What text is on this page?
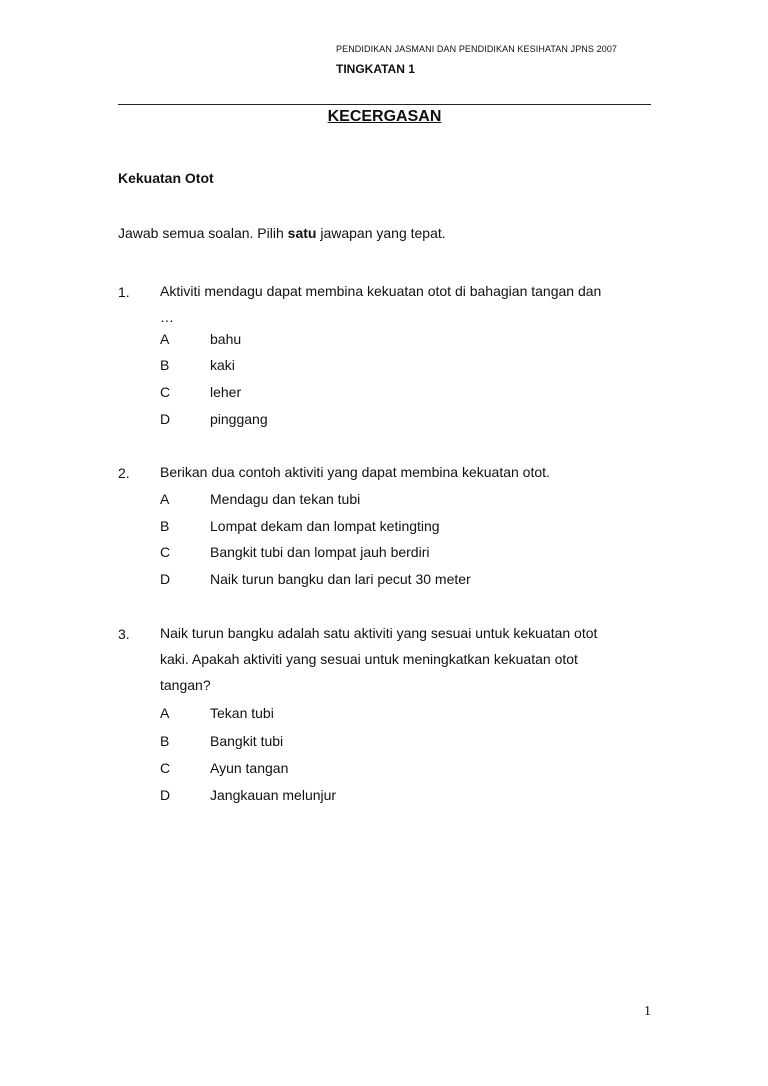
PENDIDIKAN JASMANI DAN PENDIDIKAN KESIHATAN JPNS 2007
TINGKATAN 1
KECERGASAN
Kekuatan Otot
Jawab semua soalan. Pilih satu jawapan yang tepat.
1. Aktiviti mendagu dapat membina kekuatan otot di bahagian tangan dan
…
A	bahu
B	kaki
C	leher
D	pinggang
2. Berikan dua contoh aktiviti yang dapat membina kekuatan otot.
A	Mendagu dan tekan tubi
B	Lompat dekam dan lompat ketingting
C	Bangkit tubi dan lompat jauh berdiri
D	Naik turun bangku dan lari pecut 30 meter
3. Naik turun bangku adalah satu aktiviti yang sesuai untuk kekuatan otot
kaki. Apakah aktiviti yang sesuai untuk meningkatkan kekuatan otot
tangan?
A	Tekan tubi
B	Bangkit tubi
C	Ayun tangan
D	Jangkauan melunjur
1
